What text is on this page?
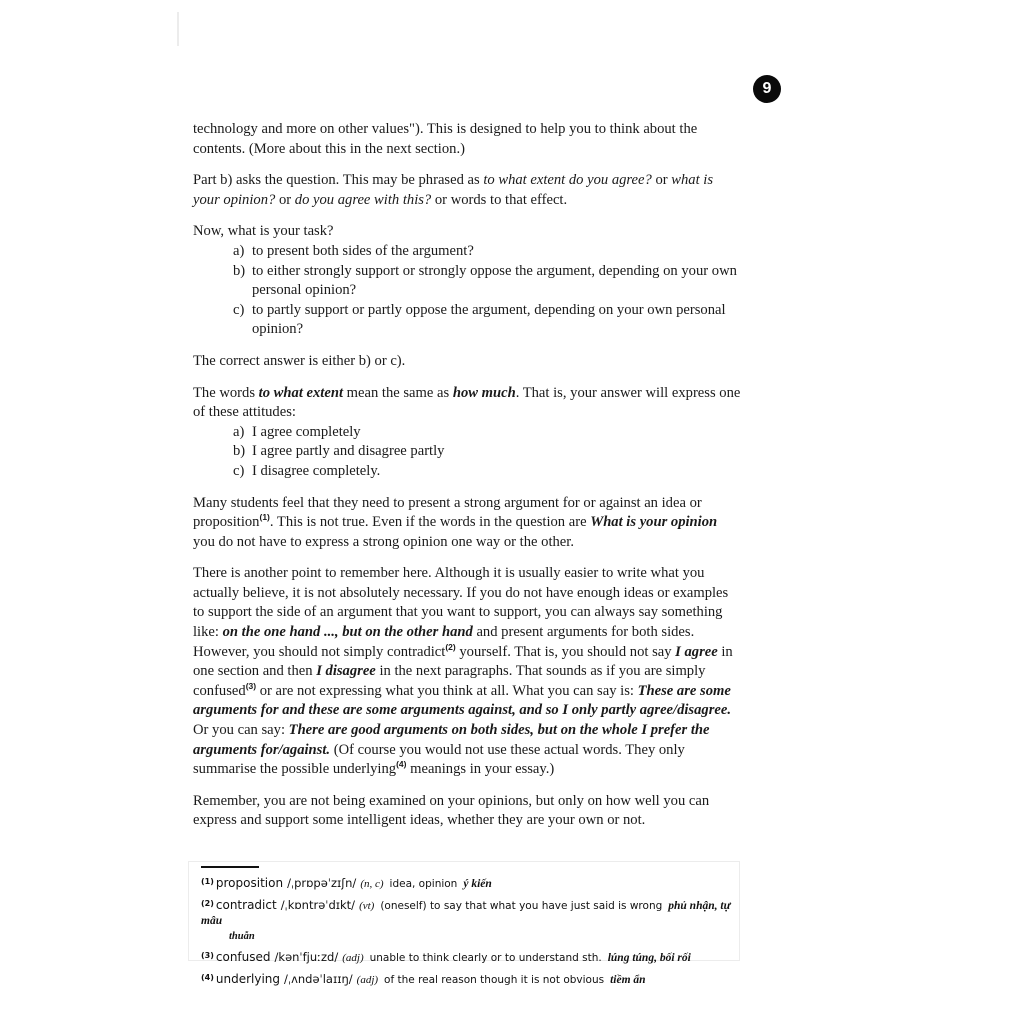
9

technology and more on other values"). This is designed to help you to think about the contents. (More about this in the next section.)

Part b) asks the question. This may be phrased as to what extent do you agree? or what is your opinion? or do you agree with this? or words to that effect.

Now, what is your task?
a) to present both sides of the argument?
b) to either strongly support or strongly oppose the argument, depending on your own personal opinion?
c) to partly support or partly oppose the argument, depending on your own personal opinion?

The correct answer is either b) or c).

The words to what extent mean the same as how much. That is, your answer will express one of these attitudes:
a) I agree completely
b) I agree partly and disagree partly
c) I disagree completely.

Many students feel that they need to present a strong argument for or against an idea or proposition$^{(1)}$. This is not true. Even if the words in the question are What is your opinion you do not have to express a strong opinion one way or the other.

There is another point to remember here. Although it is usually easier to write what you actually believe, it is not absolutely necessary. If you do not have enough ideas or examples to support the side of an argument that you want to support, you can always say something like: on the one hand ..., but on the other hand and present arguments for both sides. However, you should not simply contradict$^{(2)}$ yourself. That is, you should not say I agree in one section and then I disagree in the next paragraphs. That sounds as if you are simply confused$^{(3)}$ or are not expressing what you think at all. What you can say is: These are some arguments for and these are some arguments against, and so I only partly agree/disagree. Or you can say: There are good arguments on both sides, but on the whole I prefer the arguments for/against. (Of course you would not use these actual words. They only summarise the possible underlying$^{(4)}$ meanings in your essay.)

Remember, you are not being examined on your opinions, but only on how well you can express and support some intelligent ideas, whether they are your own or not.

$^{(1)}$ proposition /ˌprɒpəˈzɪʃn/ (n, c) idea, opinion ý kiến
$^{(2)}$ contradict /ˌkɒntrəˈdɪkt/ (vt) (oneself) to say that what you have just said is wrong phủ nhận, tự mâu
thuẫn
$^{(3)}$ confused /kənˈfjuːzd/ (adj) unable to think clearly or to understand sth. lúng túng, bối rối
$^{(4)}$ underlying /ˌʌndəˈlaɪɪŋ/ (adj) of the real reason though it is not obvious tiềm ẩn
